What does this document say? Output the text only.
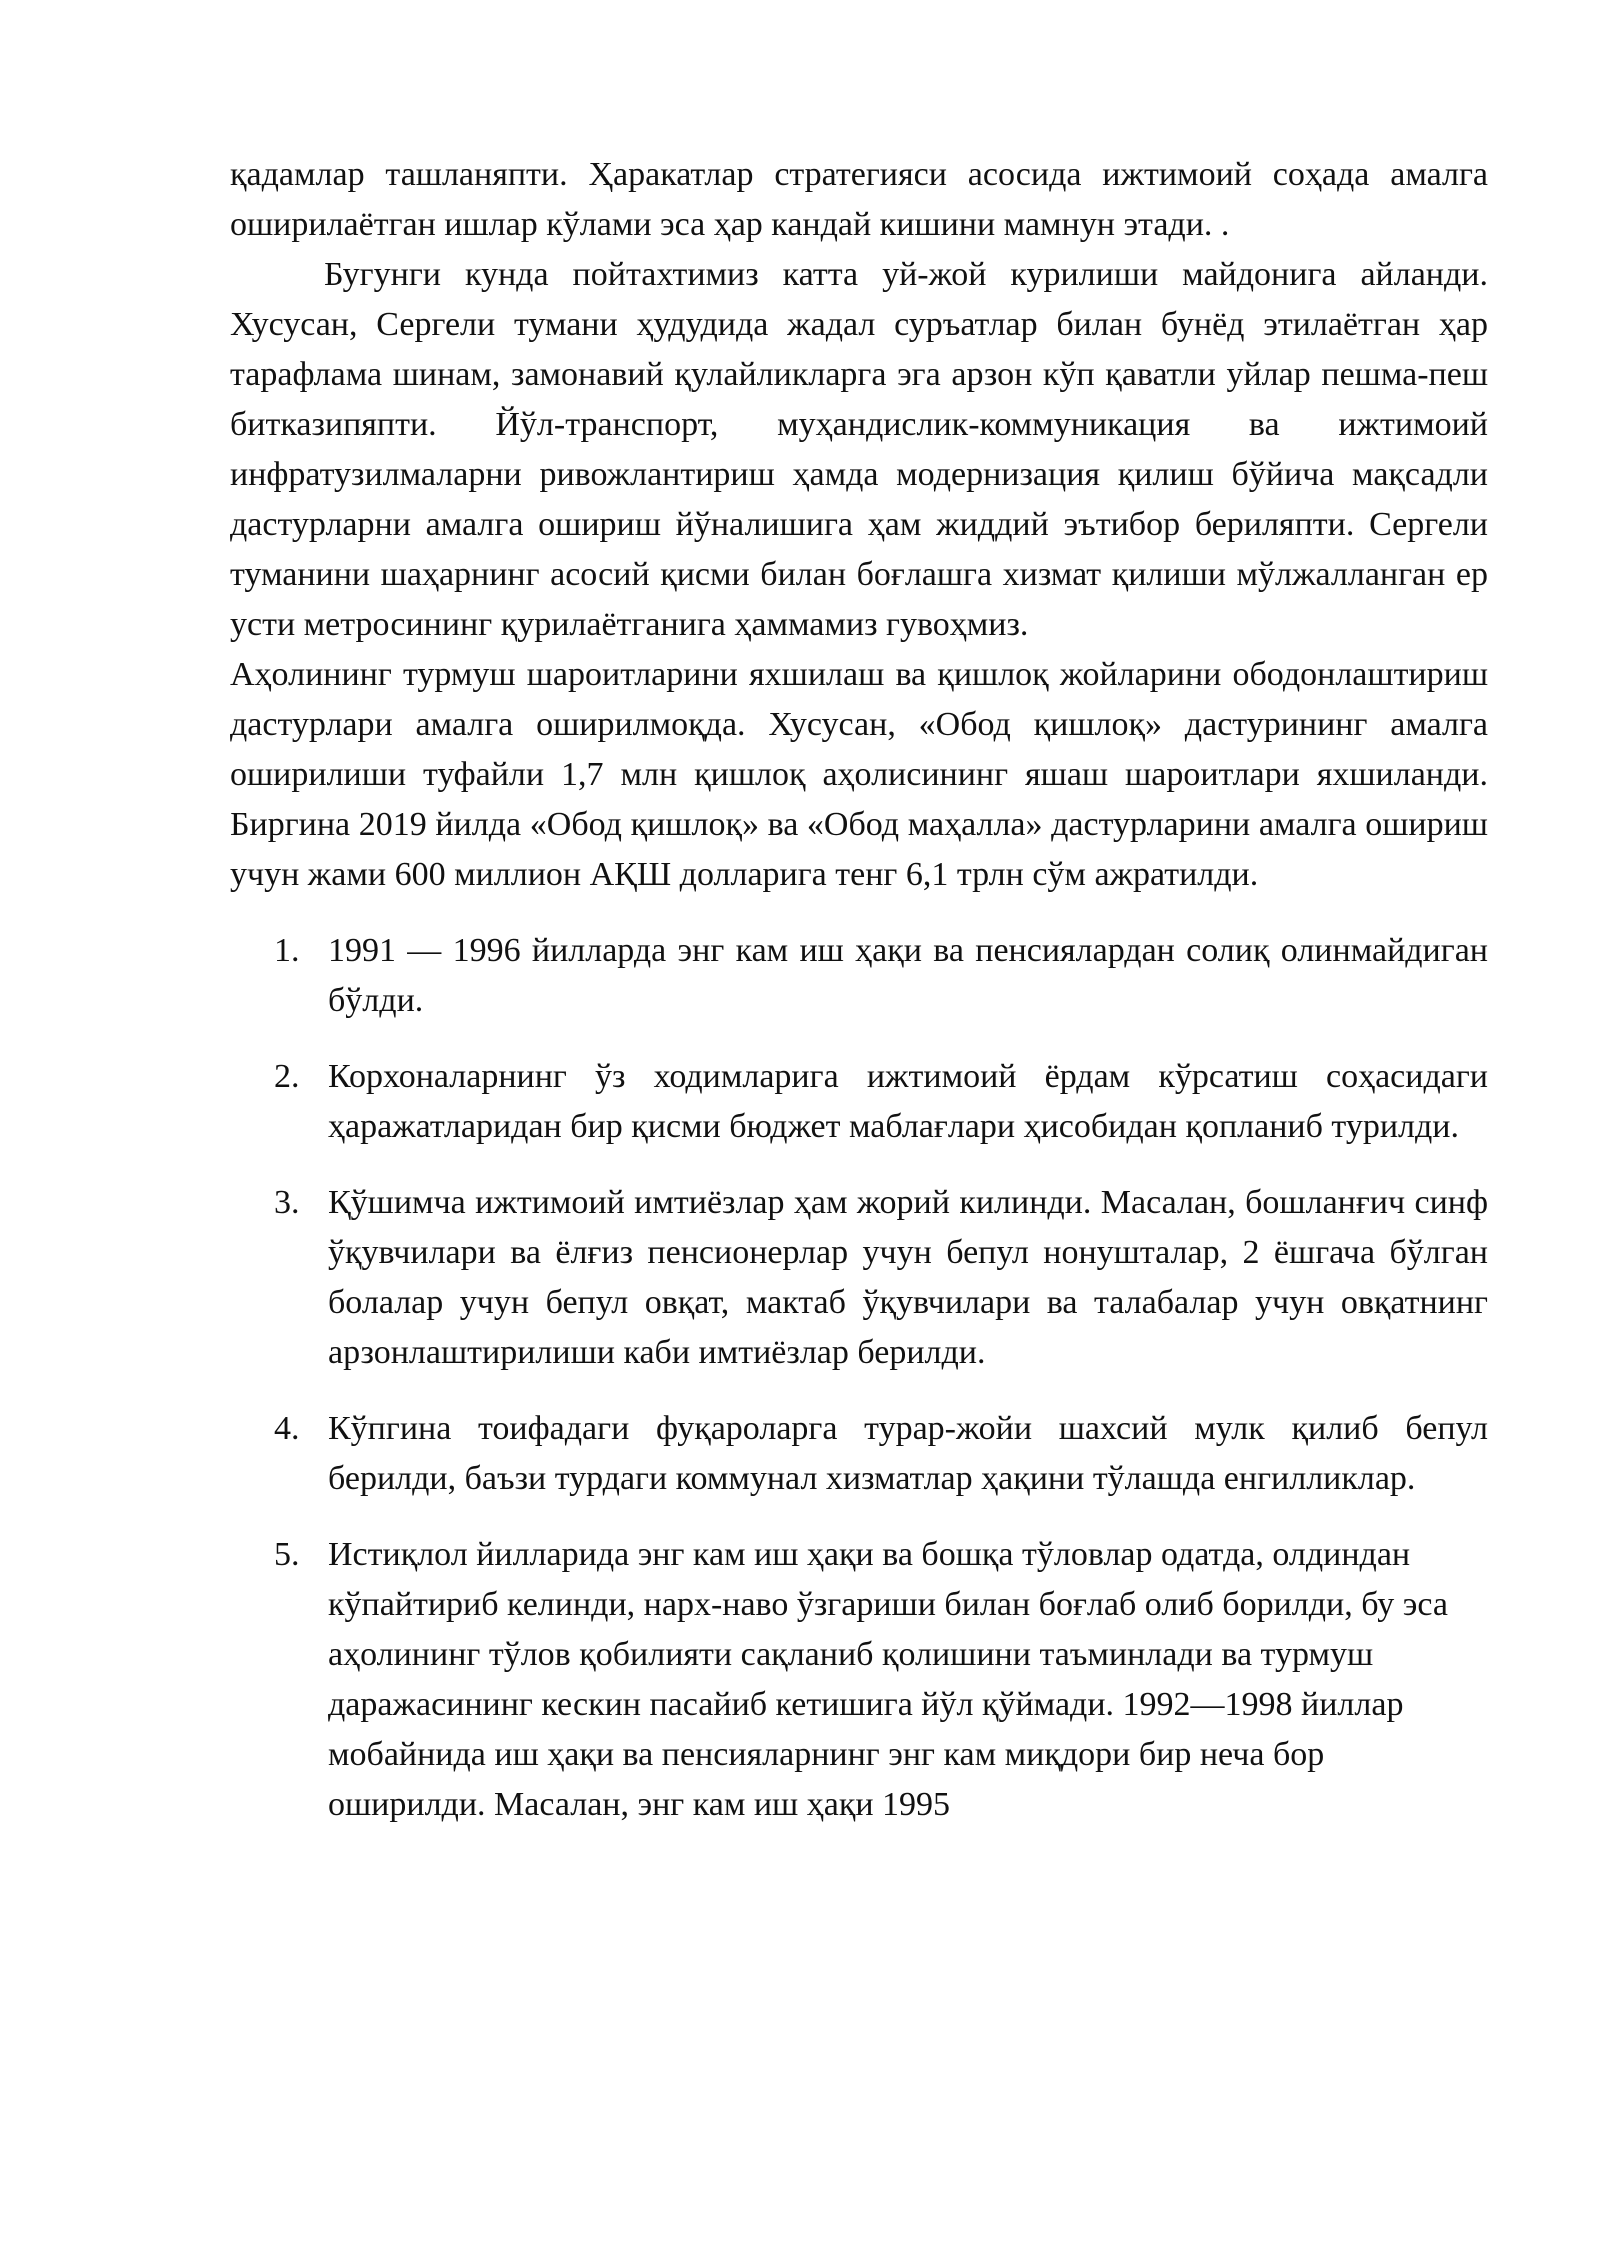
қадамлар ташланяпти. Ҳаракатлар стратегияси асосида ижтимоий соҳада амалга оширилаётган ишлар кўлами эса ҳар кандай кишини мамнун этади. .

Бугунги кунда пойтахтимиз катта уй-жой курилиши майдонига айланди. Хусусан, Сергели тумани ҳудудида жадал суръатлар билан бунёд этилаётган ҳар тарафлама шинам, замонавий қулайликларга эга арзон кўп қаватли уйлар пешма-пеш битказипяпти. Йўл-транспорт, муҳандислик-коммуникация ва ижтимоий инфратузилмаларни ривожлантириш ҳамда модернизация қилиш бўйича мақсадли дастурларни амалга ошириш йўналишига ҳам жиддий эътибор бериляпти. Сергели туманини шаҳарнинг асосий қисми билан боғлашга хизмат қилиши мўлжалланган ер усти метросининг қурилаётганига ҳаммамиз гувоҳмиз.

Аҳолининг турмуш шароитларини яхшилаш ва қишлоқ жойларини ободонлаштириш дастурлари амалга оширилмоқда. Хусусан, «Обод қишлоқ» дастурининг амалга оширилиши туфайли 1,7 млн қишлоқ аҳолисининг яшаш шароитлари яхшиланди. Биргина 2019 йилда «Обод қишлоқ» ва «Обод маҳалла» дастурларини амалга ошириш учун жами 600 миллион АҚШ долларига тенг 6,1 трлн сўм ажратилди.

1. 1991 — 1996 йилларда энг кам иш ҳақи ва пенсиялардан солиқ олинмайдиган бўлди.
2. Корхоналарнинг ўз ходимларига ижтимоий ёрдам кўрсатиш соҳасидаги ҳаражатларидан бир қисми бюджет маблағлари ҳисобидан қопланиб турилди.
3. Қўшимча ижтимоий имтиёзлар ҳам жорий килинди. Масалан, бошланғич синф ўқувчилари ва ёлғиз пенсионерлар учун бепул нонушталар, 2 ёшгача бўлган болалар учун бепул овқат, мактаб ўқувчилари ва талабалар учун овқатнинг арзонлаштирилиши каби имтиёзлар берилди.
4. Кўпгина тоифадаги фуқароларга турар-жойи шахсий мулк қилиб бепул берилди, баъзи турдаги коммунал хизматлар ҳақини тўлашда енгилликлар.
5. Истиқлол йилларида энг кам иш ҳақи ва бошқа тўловлар одатда, олдиндан кўпайтириб келинди, нарх-наво ўзгариши билан боғлаб олиб борилди, бу эса аҳолининг тўлов қобилияти сақланиб қолишини таъминлади ва турмуш даражасининг кескин пасайиб кетишига йўл қўймади. 1992—1998 йиллар мобайнида иш ҳақи ва пенсияларнинг энг кам миқдори бир неча бор оширилди. Масалан, энг кам иш ҳақи 1995
